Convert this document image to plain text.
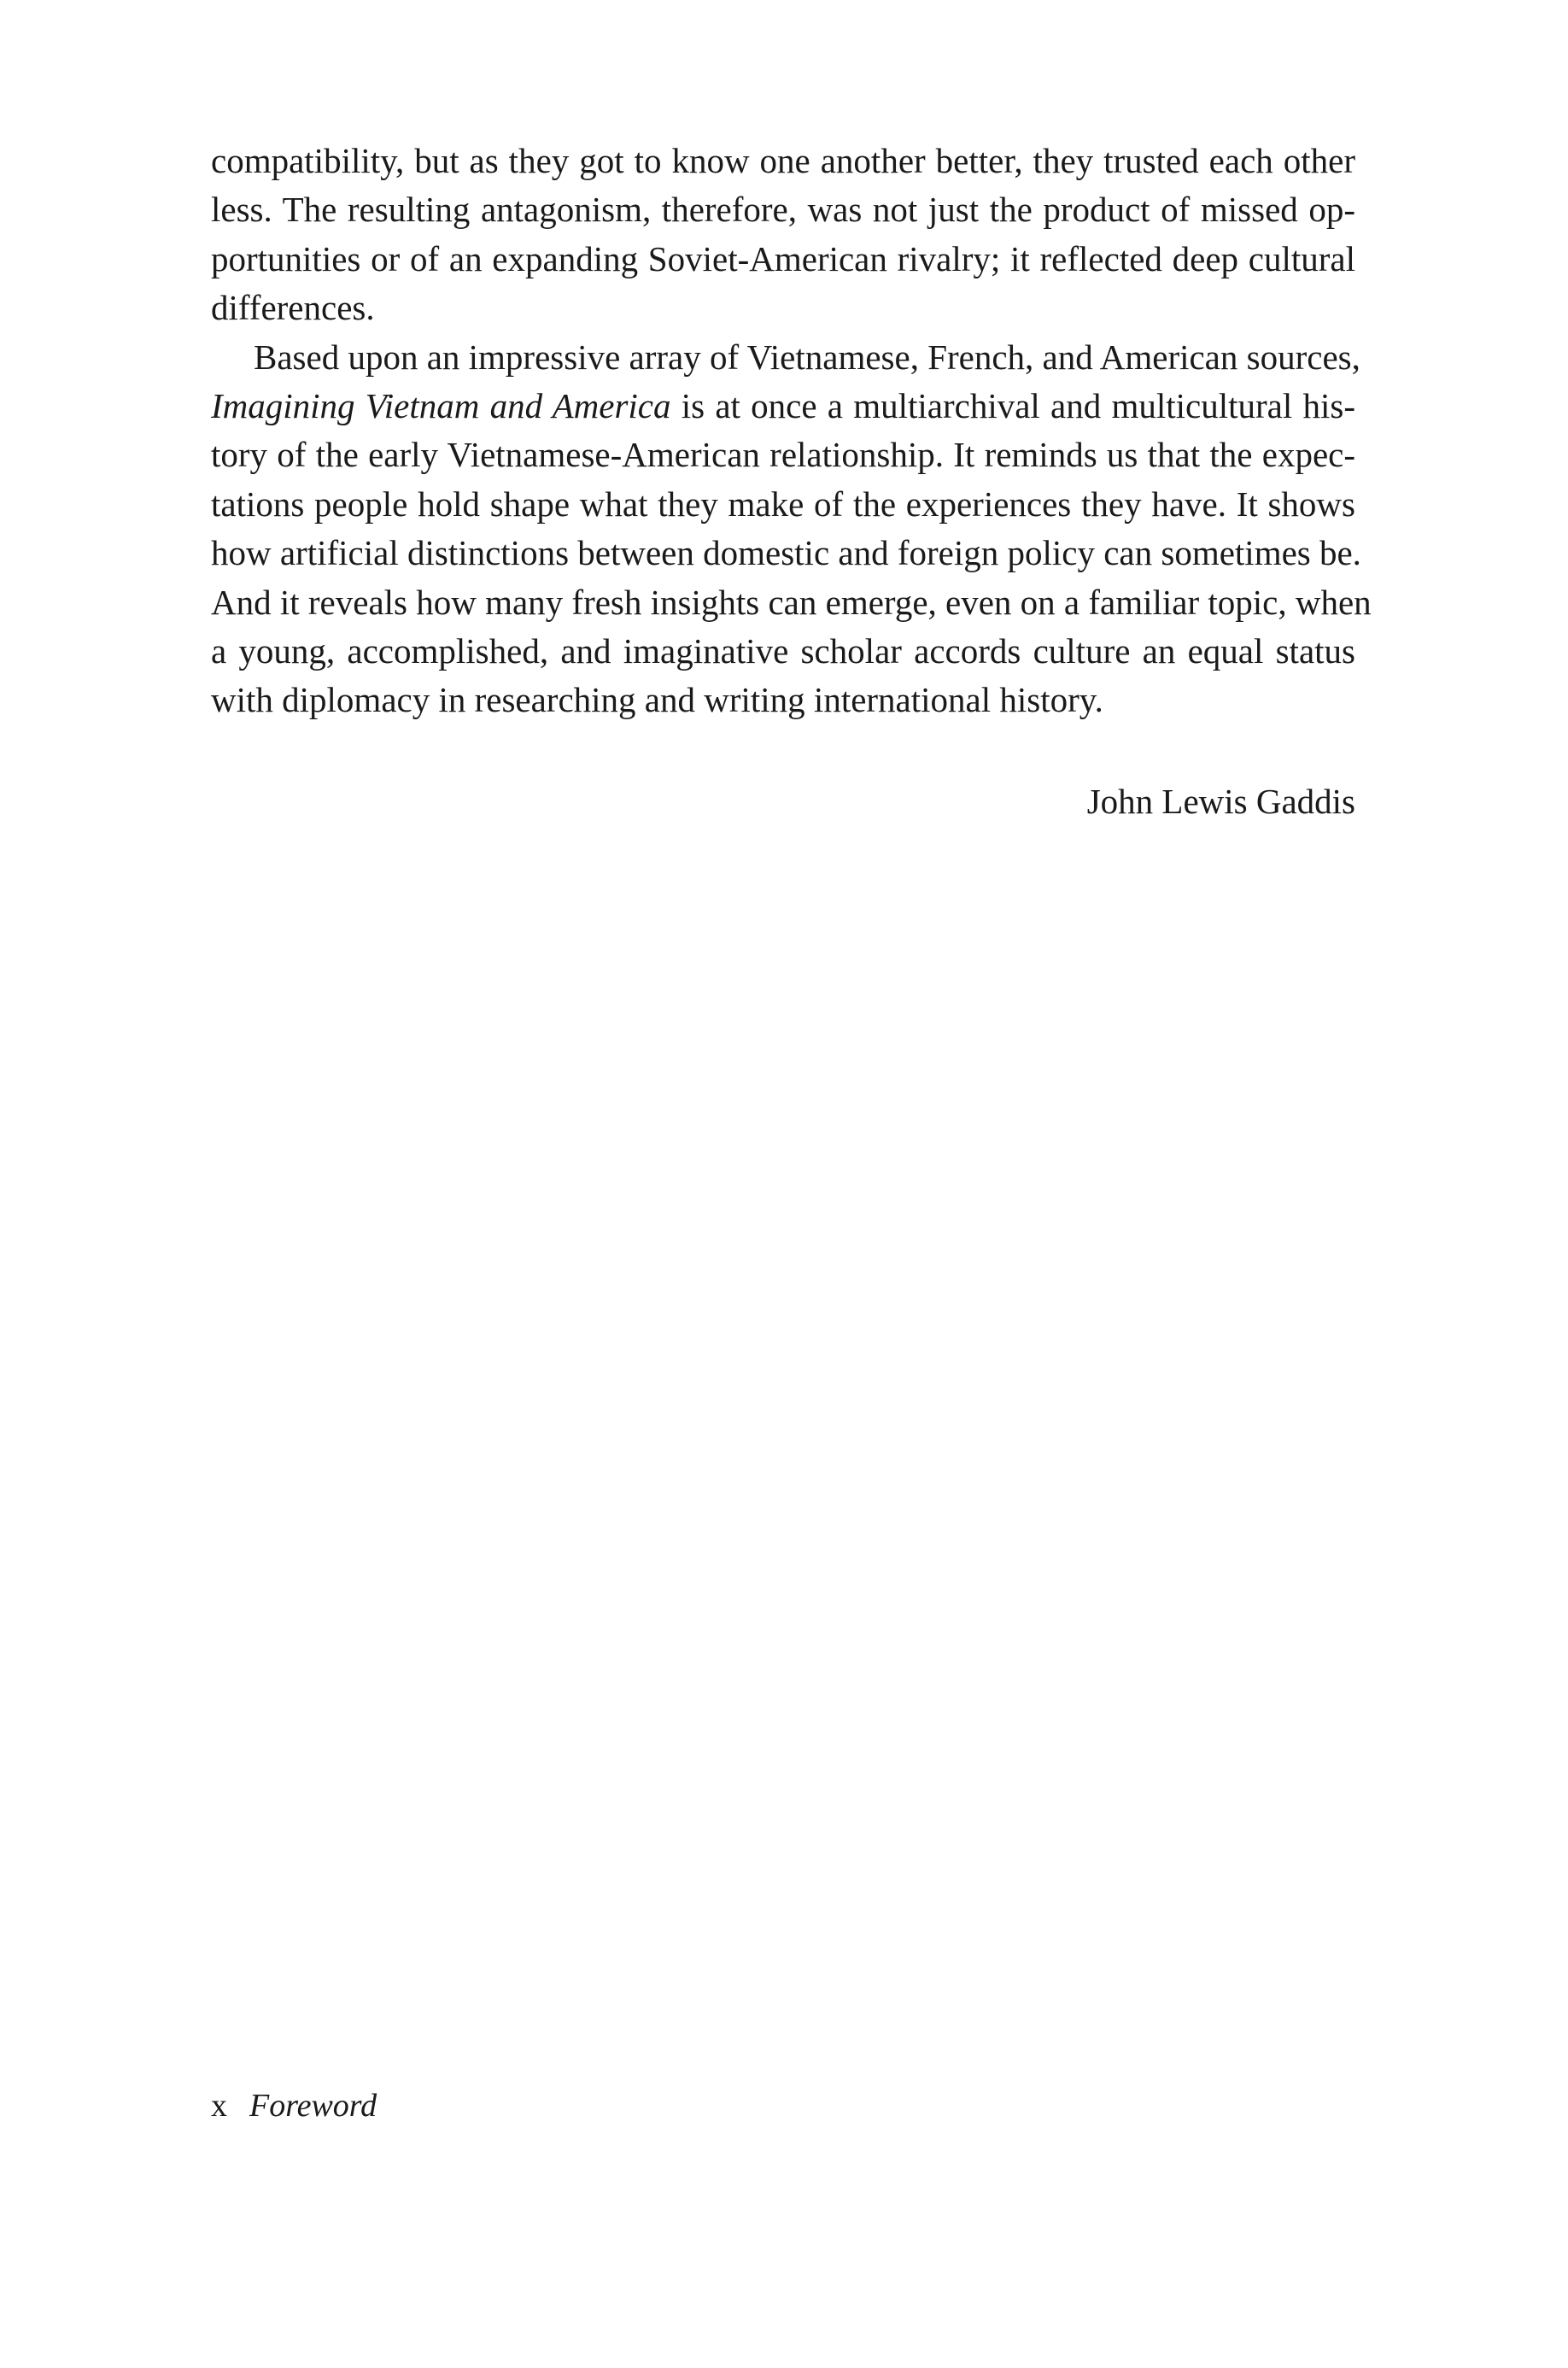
compatibility, but as they got to know one another better, they trusted each other
less. The resulting antagonism, therefore, was not just the product of missed op-
portunities or of an expanding Soviet-American rivalry; it reflected deep cultural
differences.
Based upon an impressive array of Vietnamese, French, and American sources,
Imagining Vietnam and America is at once a multiarchival and multicultural his-
tory of the early Vietnamese-American relationship. It reminds us that the expec-
tations people hold shape what they make of the experiences they have. It shows
how artificial distinctions between domestic and foreign policy can sometimes be.
And it reveals how many fresh insights can emerge, even on a familiar topic, when
a young, accomplished, and imaginative scholar accords culture an equal status
with diplomacy in researching and writing international history.
John Lewis Gaddis
x Foreword
